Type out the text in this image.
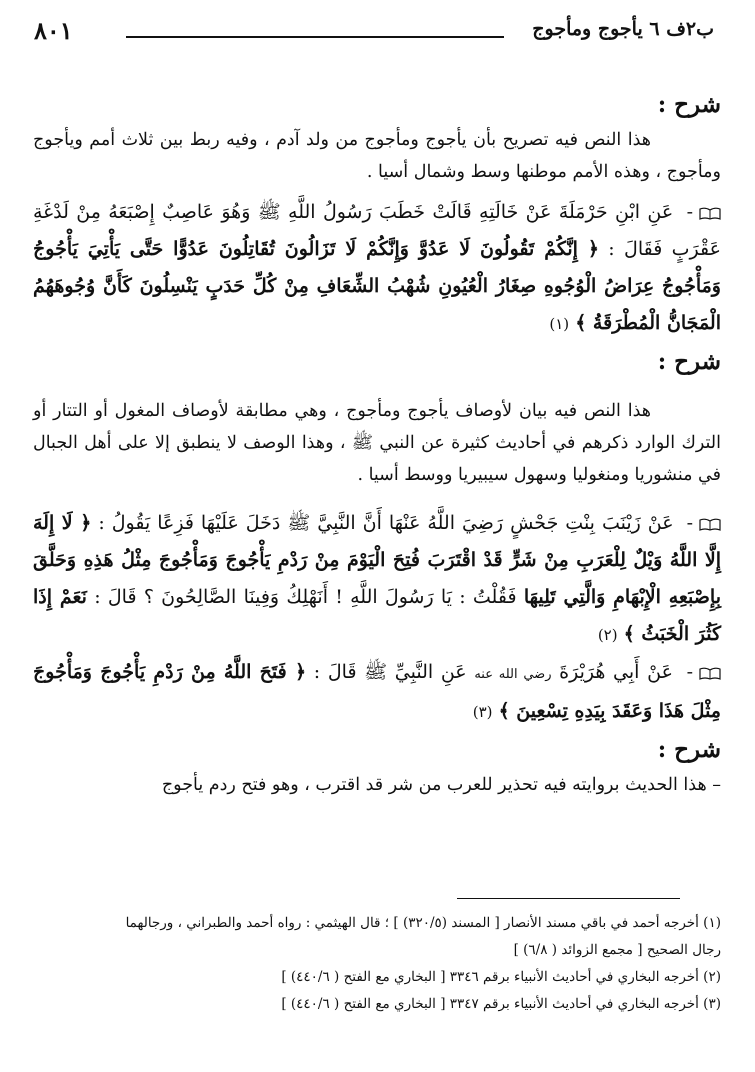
٨٠١	ب٢ف ٦ يأجوج ومأجوج
شرح :

هذا النص فيه تصريح بأن يأجوج ومأجوج من ولد آدم ، وفيه ربط بين ثلاث أمم ويأجوج ومأجوج ، وهذه الأمم موطنها وسط وشمال أسيا .

- عَنِ ابْنِ حَرْمَلَةَ عَنْ خَالَتِهِ قَالَتْ خَطَبَ رَسُولُ اللَّهِ ﷺ وَهُوَ عَاصِبٌ إِصْبَعَهُ مِنْ لَدْغَةِ عَقْرَبٍ فَقَالَ : ﴿ إِنَّكُمْ تَقُولُونَ لَا عَدُوَّ وَإِنَّكُمْ لَا تَزَالُونَ تُقَاتِلُونَ عَدُوًّا حَتَّى يَأْتِيَ يَأْجُوجُ وَمَأْجُوجُ عِرَاضُ الْوُجُوهِ صِغَارُ الْعُيُونِ شُهْبُ الشِّعَافِ مِنْ كُلِّ حَدَبٍ يَنْسِلُونَ كَأَنَّ وُجُوهَهُمُ الْمَجَانُّ الْمُطْرَقَةُ ﴾ (١)

شرح :

هذا النص فيه بيان لأوصاف يأجوج ومأجوج ، وهي مطابقة لأوصاف المغول أو التتار أو الترك الوارد ذكرهم في أحاديث كثيرة عن النبي ﷺ ، وهذا الوصف لا ينطبق إلا على أهل الجبال في منشوريا ومنغوليا وسهول سيبيريا ووسط أسيا .

- عَنْ زَيْنَبَ بِنْتِ جَحْشٍ رَضِيَ اللَّهُ عَنْهَا أَنَّ النَّبِيَّ ﷺ دَخَلَ عَلَيْهَا فَزِعًا يَقُولُ : ﴿ لَا إِلَهَ إِلَّا اللَّهُ وَيْلٌ لِلْعَرَبِ مِنْ شَرٍّ قَدْ اقْتَرَبَ فُتِحَ الْيَوْمَ مِنْ رَدْمِ يَأْجُوجَ وَمَأْجُوجَ مِثْلُ هَذِهِ وَحَلَّقَ بِإِصْبَعِهِ الْإِبْهَامِ وَالَّتِي تَلِيهَا فَقُلْتُ : يَا رَسُولَ اللَّهِ ! أَنَهْلِكُ وَفِينَا الصَّالِحُونَ ؟ قَالَ : نَعَمْ إِذَا كَثُرَ الْخَبَثُ ﴾ (٢)

- عَنْ أَبِي هُرَيْرَةَ رضي الله عنه عَنِ النَّبِيِّ ﷺ قَالَ : ﴿ فَتَحَ اللَّهُ مِنْ رَدْمِ يَأْجُوجَ وَمَأْجُوجَ مِثْلَ هَذَا وَعَقَدَ بِيَدِهِ تِسْعِينَ ﴾ (٣)

شرح :

– هذا الحديث بروايته فيه تحذير للعرب من شر قد اقترب ، وهو فتح ردم يأجوج

(١) أخرجه أحمد في باقي مسند الأنصار [ المسند (٣٢٠/٥) ] ؛ قال الهيثمي : رواه أحمد والطبراني ، ورجالهما

رجال الصحيح [ مجمع الزوائد ( ٦/٨) ]

(٢) أخرجه البخاري في أحاديث الأنبياء برقم ٣٣٤٦ [ البخاري مع الفتح ( ٤٤٠/٦) ]

(٣) أخرجه البخاري في أحاديث الأنبياء برقم ٣٣٤٧ [ البخاري مع الفتح ( ٤٤٠/٦) ]
